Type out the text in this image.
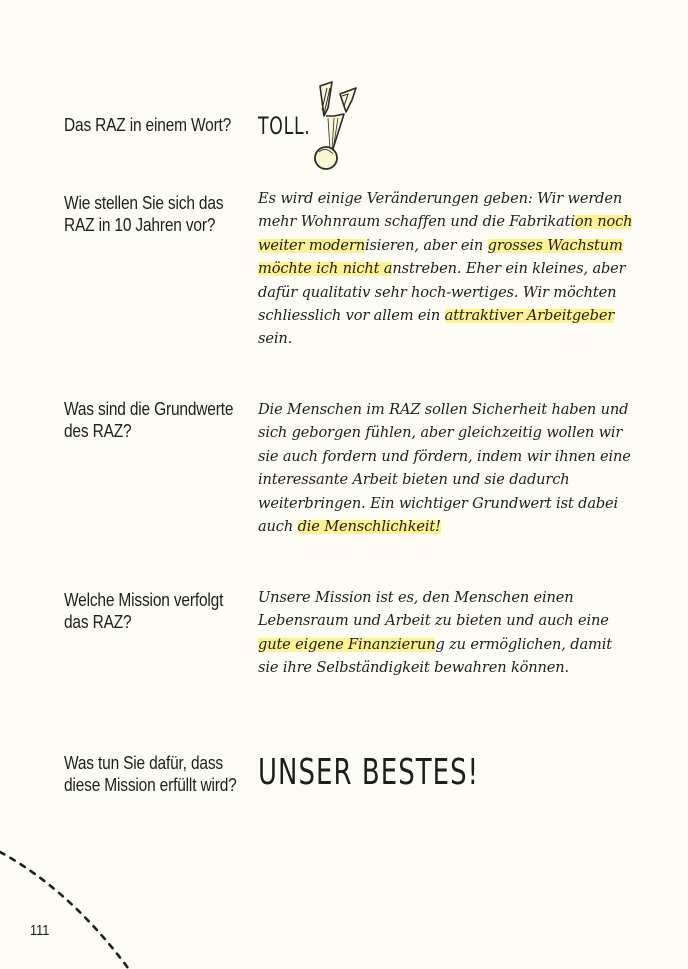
Das RAZ in einem Wort?	TOLL.
Wie stellen Sie sich das RAZ in 10 Jahren vor?
Es wird einige Veränderungen geben: Wir werden mehr Wohnraum schaffen und die Fabrikation noch weiter modernisieren, aber ein grosses Wachstum möchte ich nicht anstreben. Eher ein kleines, aber dafür qualitativ sehr hoch-wertiges. Wir möchten schliesslich vor allem ein attraktiver Arbeitgeber sein.
Was sind die Grundwerte des RAZ?
Die Menschen im RAZ sollen Sicherheit haben und sich geborgen fühlen, aber gleichzeitig wollen wir sie auch fordern und fördern, indem wir ihnen eine interessante Arbeit bieten und sie dadurch weiterbringen. Ein wichtiger Grundwert ist dabei auch die Menschlichkeit!
Welche Mission verfolgt das RAZ?
Unsere Mission ist es, den Menschen einen Lebensraum und Arbeit zu bieten und auch eine gute eigene Finanzierung zu ermöglichen, damit sie ihre Selbständigkeit bewahren können.
Was tun Sie dafür, dass diese Mission erfüllt wird? UNSER BESTES!
111
